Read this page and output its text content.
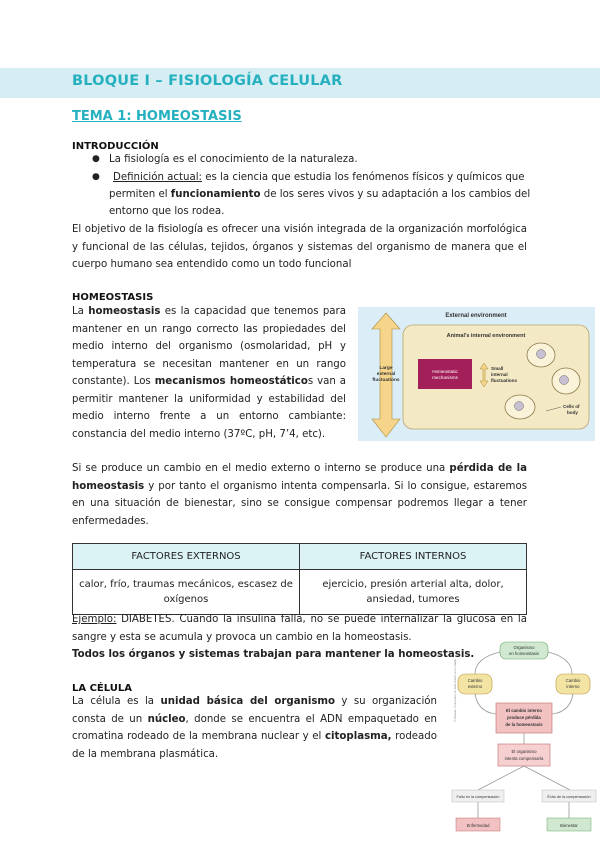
BLOQUE I – FISIOLOGÍA CELULAR
TEMA 1: HOMEOSTASIS
INTRODUCCIÓN
● La fisiología es el conocimiento de la naturaleza.
● Definición actual: es la ciencia que estudia los fenómenos físicos y químicos que
permiten el funcionamiento de los seres vivos y su adaptación a los cambios del
entorno que los rodea.
El objetivo de la fisiología es ofrecer una visión integrada de la organización morfológica y funcional de las células, tejidos, órganos y sistemas del organismo de manera que el cuerpo humano sea entendido como un todo funcional
HOMEOSTASIS
La homeostasis es la capacidad que tenemos para mantener en un rango correcto las propiedades del medio interno del organismo (osmolaridad, pH y temperatura se necesitan mantener en un rango constante). Los mecanismos homeostáticos van a permitir mantener la uniformidad y estabilidad del medio interno frente a un entorno cambiante: constancia del medio interno (37ºC, pH, 7’4, etc).
External environment
Animal's internal environment
Large
external
fluctuations
Homeostatic
mechanisms
Small
internal
fluctuations
Cells of
body
Si se produce un cambio en el medio externo o interno se produce una pérdida de la homeostasis y por tanto el organismo intenta compensarla. Si lo consigue, estaremos en una situación de bienestar, sino se consigue compensar podremos llegar a tener enfermedades.
FACTORES EXTERNOS	FACTORES INTERNOS
calor, frío, traumas mecánicos, escasez de oxígenos	ejercicio, presión arterial alta, dolor, ansiedad, tumores
Ejemplo: DIABETES. Cuando la insulina falla, no se puede internalizar la glucosa en la sangre y esta se acumula y provoca un cambio en la homeostasis.
Todos los órganos y sistemas trabajan para mantener la homeostasis.
LA CÉLULA
La célula es la unidad básica del organismo y su organización consta de un núcleo, donde se encuentra el ADN empaquetado en cromatina rodeado de la membrana nuclear y el citoplasma, rodeado de la membrana plasmática.
© Elsevier. Fotocopiar sin autorización es un delito.
Organismo
en homeostasis
Cambio
externo
Cambio
interno
El cambio interno
produce pérdida
de la homeostasis
El organismo
intenta compensarla
Fallo en la compensación	Éxito de la compensación
Enfermedad	Bienestar
